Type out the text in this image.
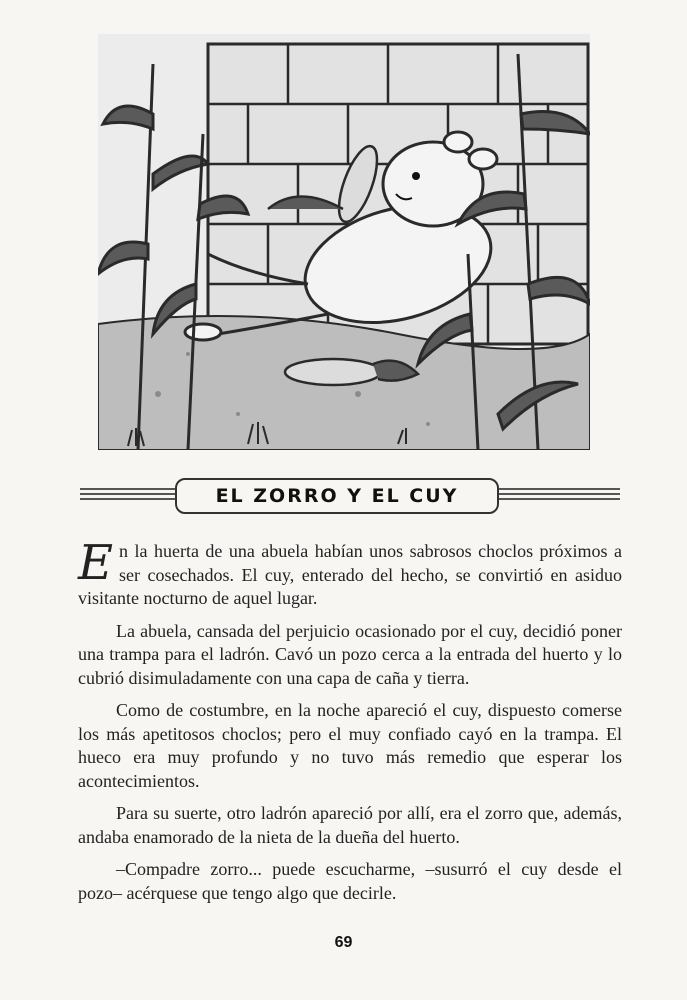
EL ZORRO Y EL CUY

En la huerta de una abuela habían unos sabrosos choclos próximos a ser cosechados. El cuy, enterado del hecho, se convirtió en asiduo visitante nocturno de aquel lugar.

La abuela, cansada del perjuicio ocasionado por el cuy, decidió poner una trampa para el ladrón. Cavó un pozo cerca a la entrada del huerto y lo cubrió disimuladamente con una capa de caña y tierra.

Como de costumbre, en la noche apareció el cuy, dispuesto comerse los más apetitosos choclos; pero el muy confiado cayó en la trampa. El hueco era muy profundo y no tuvo más remedio que esperar los acontecimientos.

Para su suerte, otro ladrón apareció por allí, era el zorro que, además, andaba enamorado de la nieta de la dueña del huerto.

–Compadre zorro... puede escucharme, –susurró el cuy desde el pozo– acérquese que tengo algo que decirle.

69
